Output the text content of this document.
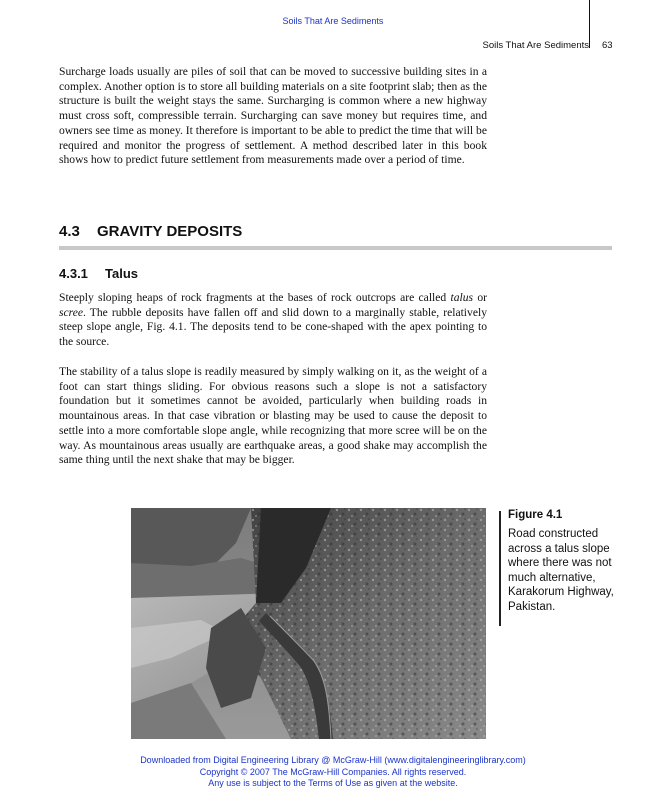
Soils That Are Sediments
Soils That Are Sediments 63

Surcharge loads usually are piles of soil that can be moved to successive building sites in a complex. Another option is to store all building materials on a site footprint slab; then as the structure is built the weight stays the same. Surcharging is common where a new highway must cross soft, compressible terrain. Surcharging can save money but requires time, and owners see time as money. It therefore is important to be able to predict the time that will be required and monitor the progress of settlement. A method described later in this book shows how to predict future settlement from measurements made over a period of time.

4.3 GRAVITY DEPOSITS
4.3.1 Talus

Steeply sloping heaps of rock fragments at the bases of rock outcrops are called talus or scree. The rubble deposits have fallen off and slid down to a marginally stable, relatively steep slope angle, Fig. 4.1. The deposits tend to be cone-shaped with the apex pointing to the source.

The stability of a talus slope is readily measured by simply walking on it, as the weight of a foot can start things sliding. For obvious reasons such a slope is not a satisfactory foundation but it sometimes cannot be avoided, particularly when building roads in mountainous areas. In that case vibration or blasting may be used to cause the deposit to settle into a more comfortable slope angle, while recognizing that more scree will be on the way. As mountainous areas usually are earthquake areas, a good shake may accomplish the same thing until the next shake that may be bigger.

Figure 4.1

Road constructed across a talus slope where there was not much alternative, Karakorum Highway, Pakistan.

Downloaded from Digital Engineering Library @ McGraw-Hill (www.digitalengineeringlibrary.com)
Copyright © 2007 The McGraw-Hill Companies. All rights reserved.
Any use is subject to the Terms of Use as given at the website.
